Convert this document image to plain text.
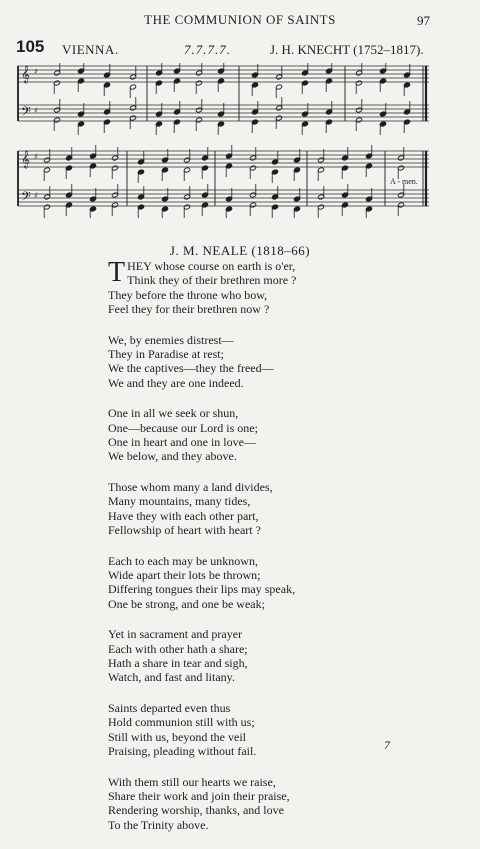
THE COMMUNION OF SAINTS	97
105 VIENNA.	7.7.7.7.	J. H. KNECHT (1752–1817).
𝄞 ♯
𝄢 ♯
𝄞 ♯
𝄢 ♯
A - men.
J. M. NEALE (1818–66)
T HEY whose course on earth is o'er,
Think they of their brethren more ?
They before the throne who bow,
Feel they for their brethren now ?
We, by enemies distrest—
They in Paradise at rest;
We the captives—they the freed—
We and they are one indeed.
One in all we seek or shun,
One—because our Lord is one;
One in heart and one in love—
We below, and they above.
Those whom many a land divides,
Many mountains, many tides,
Have they with each other part,
Fellowship of heart with heart ?
Each to each may be unknown,
Wide apart their lots be thrown;
Differing tongues their lips may speak,
One be strong, and one be weak;
Yet in sacrament and prayer
Each with other hath a share;
Hath a share in tear and sigh,
Watch, and fast and litany.
Saints departed even thus
Hold communion still with us;
Still with us, beyond the veil
Praising, pleading without fail.
With them still our hearts we raise,
Share their work and join their praise,
Rendering worship, thanks, and love
To the Trinity above.
7
